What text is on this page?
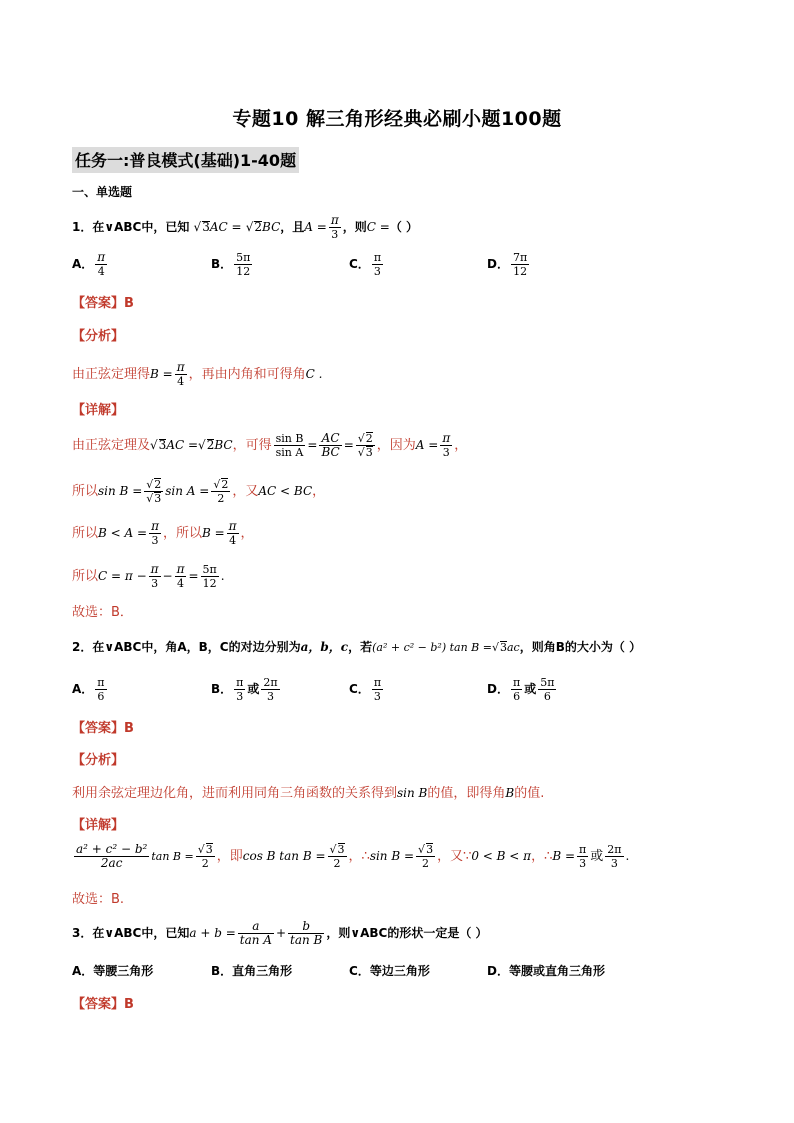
专题10 解三角形经典必刷小题100题
任务一:普良模式(基础)1-40题
一、单选题
1．在∨ABC中，已知 √3AC = √2BC，且$A = \frac{\pi}{3}$ ，则C =（ ）
A． $\frac{\pi}{4}$	B． $\frac{5\pi}{12}$	C． $\frac{\pi}{3}$	D． $\frac{7\pi}{12}$
【答案】B
【分析】
由正弦定理得$B = \frac{\pi}{4}$ ，再由内角和可得角C .
【详解】
由正弦定理及√3AC =√2BC，可得 $\frac{\text{sin B}}{\text{sin A}} = \frac{AC}{BC} = \frac{√2}{√3}$ ，因为$A = \frac{\pi}{3}$ ，
所以$\sin B = \frac{√2}{√3}$ $\sin A = \frac{√2}{2}$ ，又AC < BC，
所以$B < A = \frac{\pi}{3}$ ，所以$B = \frac{\pi}{4}$ ，
所以$C = \pi - \frac{\pi}{3} - \frac{\pi}{4} = \frac{5\pi}{12}$ .
故选：B．
2．在∨ABC中，角A，B，C的对边分别为a，b，c，若(a² + c² − b²) tan B =√3ac，则角B的大小为（ ）
A． $\frac{\pi}{6}$	B． $\frac{\pi}{3}$ 或 $\frac{2\pi}{3}$	C． $\frac{\pi}{3}$	D． $\frac{\pi}{6}$ 或 $\frac{5\pi}{6}$
【答案】B
【分析】
利用余弦定理边化角，进而利用同角三角函数的关系得到sin B的值，即得角B的值.
【详解】
$\frac{\text{a² + c² − b²}}{2ac}$ $\tan B = \frac{√3}{2}$ ，即cos B $\tan B = \frac{√3}{2}$ ，∴sin $B = \frac{√3}{2}$ ，又∵0 < B < π，∴B = $\frac{\pi}{3}$ 或 $\frac{2\pi}{3}$ .
故选：B.
3．在∨ABC中，已知$a + b = \frac{a}{\text{tan A}} + \frac{b}{\text{tan B}}$ ，则∨ABC的形状一定是（ ）
A．等腰三角形	B．直角三角形	C．等边三角形	D．等腰或直角三角形
【答案】B
